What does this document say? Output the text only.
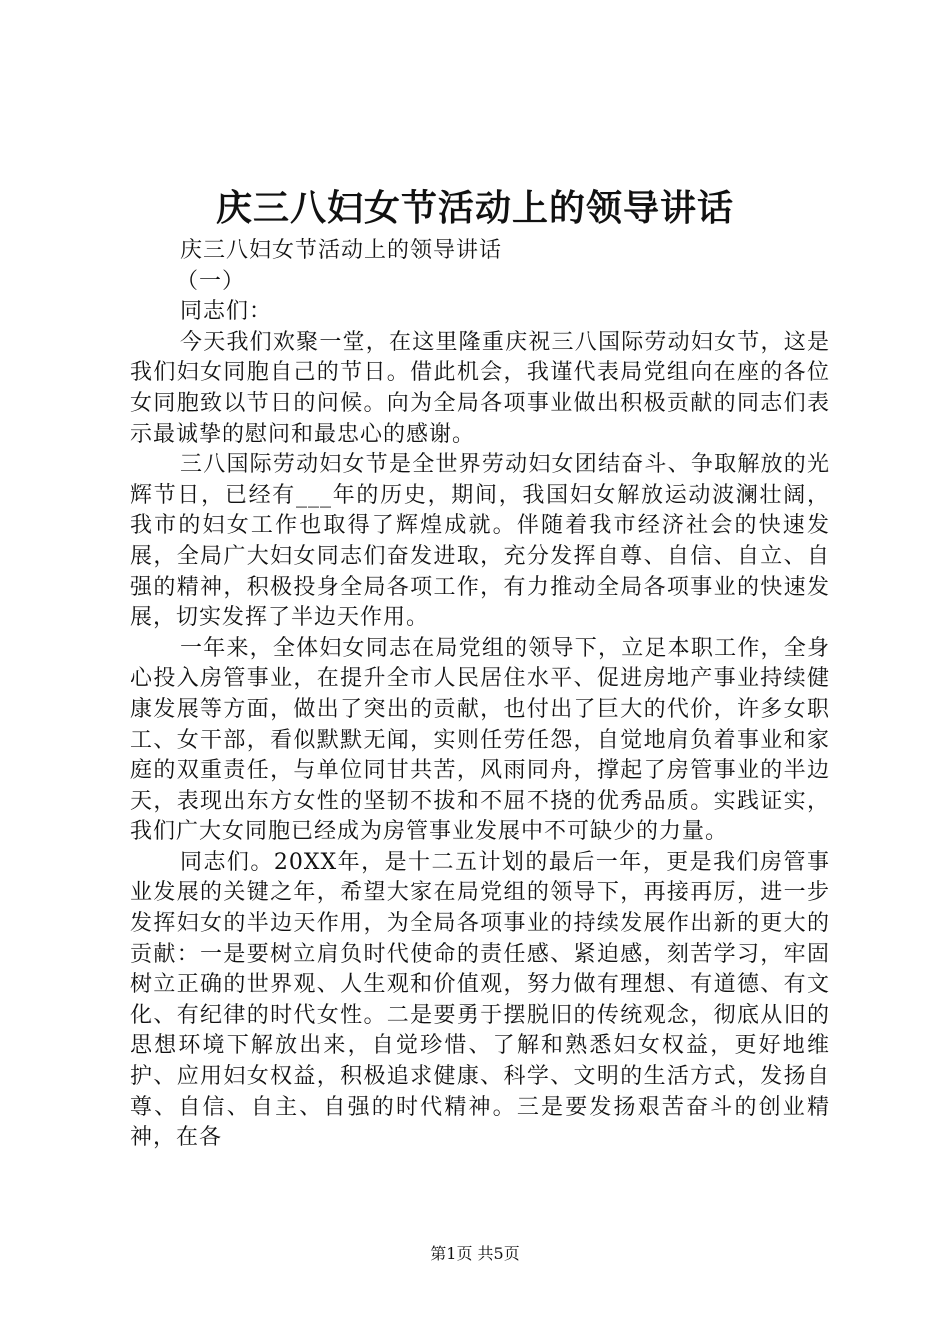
庆三八妇女节活动上的领导讲话

庆三八妇女节活动上的领导讲话

（一）

同志们：

今天我们欢聚一堂，在这里隆重庆祝三八国际劳动妇女节，这是我们妇女同胞自己的节日。借此机会，我谨代表局党组向在座的各位女同胞致以节日的问候。向为全局各项事业做出积极贡献的同志们表示最诚挚的慰问和最忠心的感谢。

三八国际劳动妇女节是全世界劳动妇女团结奋斗、争取解放的光辉节日，已经有___年的历史，期间，我国妇女解放运动波澜壮阔，我市的妇女工作也取得了辉煌成就。伴随着我市经济社会的快速发展，全局广大妇女同志们奋发进取，充分发挥自尊、自信、自立、自强的精神，积极投身全局各项工作，有力推动全局各项事业的快速发展，切实发挥了半边天作用。

一年来，全体妇女同志在局党组的领导下，立足本职工作，全身心投入房管事业，在提升全市人民居住水平、促进房地产事业持续健康发展等方面，做出了突出的贡献，也付出了巨大的代价，许多女职工、女干部，看似默默无闻，实则任劳任怨，自觉地肩负着事业和家庭的双重责任，与单位同甘共苦，风雨同舟，撑起了房管事业的半边天，表现出东方女性的坚韧不拔和不屈不挠的优秀品质。实践证实，我们广大女同胞已经成为房管事业发展中不可缺少的力量。

同志们。20XX年，是十二五计划的最后一年，更是我们房管事业发展的关键之年，希望大家在局党组的领导下，再接再厉，进一步发挥妇女的半边天作用，为全局各项事业的持续发展作出新的更大的贡献：一是要树立肩负时代使命的责任感、紧迫感，刻苦学习，牢固树立正确的世界观、人生观和价值观，努力做有理想、有道德、有文化、有纪律的时代女性。二是要勇于摆脱旧的传统观念，彻底从旧的思想环境下解放出来，自觉珍惜、了解和熟悉妇女权益，更好地维护、应用妇女权益，积极追求健康、科学、文明的生活方式，发扬自尊、自信、自主、自强的时代精神。三是要发扬艰苦奋斗的创业精神，在各

第1页 共5页
